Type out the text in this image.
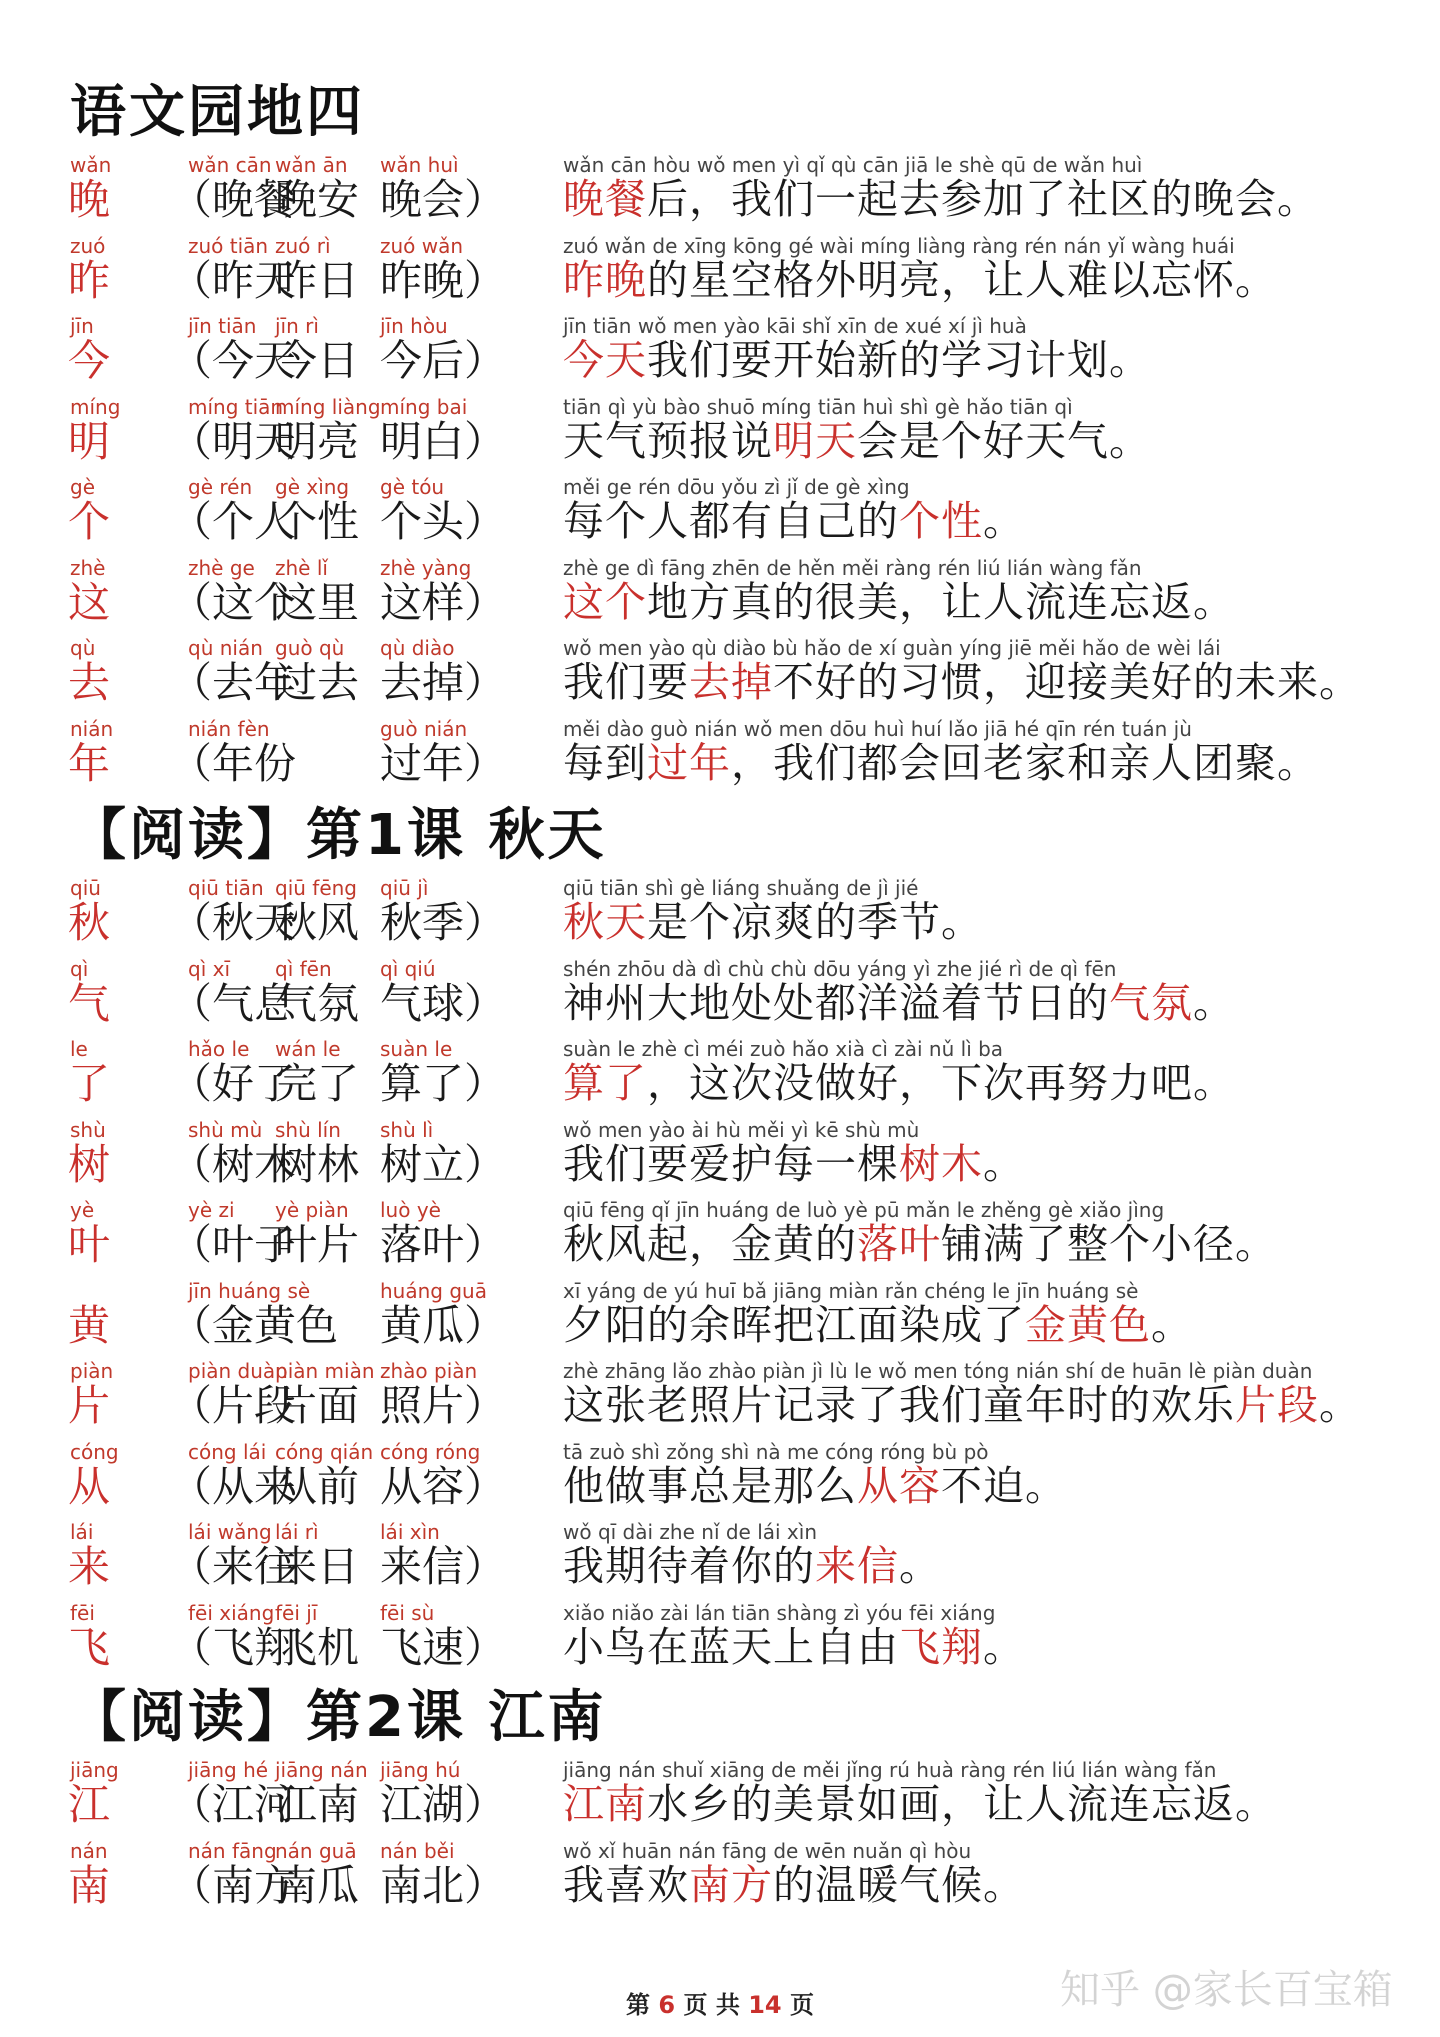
语文园地四
wǎn
晚
wǎn cān
（晚餐
wǎn ān
晚安
wǎn huì
晚会）
wǎn cān hòu wǒ men yì qǐ qù cān jiā le shè qū de wǎn huì
晚餐后，我们一起去参加了社区的晚会。
zuó
昨
zuó tiān
（昨天
zuó rì
昨日
zuó wǎn
昨晚）
zuó wǎn de xīng kōng gé wài míng liàng ràng rén nán yǐ wàng huái
昨晚的星空格外明亮，让人难以忘怀。
jīn
今
jīn tiān
（今天
jīn rì
今日
jīn hòu
今后）
jīn tiān wǒ men yào kāi shǐ xīn de xué xí jì huà
今天我们要开始新的学习计划。
míng
明
míng tiān
（明天
míng liàng
明亮
míng bai
明白）
tiān qì yù bào shuō míng tiān huì shì gè hǎo tiān qì
天气预报说明天会是个好天气。
gè
个
gè rén
（个人
gè xìng
个性
gè tóu
个头）
měi ge rén dōu yǒu zì jǐ de gè xìng
每个人都有自己的个性。
zhè
这
zhè ge
（这个
zhè lǐ
这里
zhè yàng
这样）
zhè ge dì fāng zhēn de hěn měi ràng rén liú lián wàng fǎn
这个地方真的很美，让人流连忘返。
qù
去
qù nián
（去年
guò qù
过去
qù diào
去掉）
wǒ men yào qù diào bù hǎo de xí guàn yíng jiē měi hǎo de wèi lái
我们要去掉不好的习惯，迎接美好的未来。
nián
年
nián fèn
（年份
guò nián
过年）
měi dào guò nián wǒ men dōu huì huí lǎo jiā hé qīn rén tuán jù
每到过年，我们都会回老家和亲人团聚。
【阅读】第1课 秋天
qiū
秋
qiū tiān
（秋天
qiū fēng
秋风
qiū jì
秋季）
qiū tiān shì gè liáng shuǎng de jì jié
秋天是个凉爽的季节。
qì
气
qì xī
（气息
qì fēn
气氛
qì qiú
气球）
shén zhōu dà dì chù chù dōu yáng yì zhe jié rì de qì fēn
神州大地处处都洋溢着节日的气氛。
le
了
hǎo le
（好了
wán le
完了
suàn le
算了）
suàn le zhè cì méi zuò hǎo xià cì zài nǔ lì ba
算了，这次没做好，下次再努力吧。
shù
树
shù mù
（树木
shù lín
树林
shù lì
树立）
wǒ men yào ài hù měi yì kē shù mù
我们要爱护每一棵树木。
yè
叶
yè zi
（叶子
yè piàn
叶片
luò yè
落叶）
qiū fēng qǐ jīn huáng de luò yè pū mǎn le zhěng gè xiǎo jìng
秋风起，金黄的落叶铺满了整个小径。
黄
jīn huáng sè
（金黄色
huáng guā
黄瓜）
xī yáng de yú huī bǎ jiāng miàn rǎn chéng le jīn huáng sè
夕阳的余晖把江面染成了金黄色。
piàn
片
piàn duàn
（片段
piàn miàn
片面
zhào piàn
照片）
zhè zhāng lǎo zhào piàn jì lù le wǒ men tóng nián shí de huān lè piàn duàn
这张老照片记录了我们童年时的欢乐片段。
cóng
从
cóng lái
（从来
cóng qián
从前
cóng róng
从容）
tā zuò shì zǒng shì nà me cóng róng bù pò
他做事总是那么从容不迫。
lái
来
lái wǎng
（来往
lái rì
来日
lái xìn
来信）
wǒ qī dài zhe nǐ de lái xìn
我期待着你的来信。
fēi
飞
fēi xiáng
（飞翔
fēi jī
飞机
fēi sù
飞速）
xiǎo niǎo zài lán tiān shàng zì yóu fēi xiáng
小鸟在蓝天上自由飞翔。
【阅读】第2课 江南
jiāng
江
jiāng hé
（江河
jiāng nán
江南
jiāng hú
江湖）
jiāng nán shuǐ xiāng de měi jǐng rú huà ràng rén liú lián wàng fǎn
江南水乡的美景如画，让人流连忘返。
nán
南
nán fāng
（南方
nán guā
南瓜
nán běi
南北）
wǒ xǐ huān nán fāng de wēn nuǎn qì hòu
我喜欢南方的温暖气候。
第 6 页 共 14 页	知乎 @家长百宝箱
